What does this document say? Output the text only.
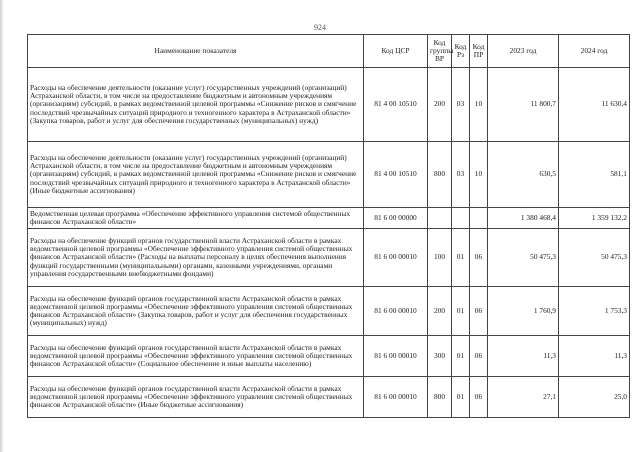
924
Наименование показателя	Код ЦСР	Код группы ВР	Код Рз	Код ПР	2023 год	2024 год
Расходы на обеспечение деятельности (оказание услуг) государственных учреждений (организаций) Астраханской области, в том числе на предоставление бюджетным и автономным учреждениям (организациям) субсидий, в рамках ведомственной целевой программы «Снижение рисков и смягчение последствий чрезвычайных ситуаций природного и техногенного характера в Астраханской области» (Закупка товаров, работ и услуг для обеспечения государственных (муниципальных) нужд)	81 4 00 10510	200	03	10	11 800,7	11 630,4
Расходы на обеспечение деятельности (оказание услуг) государственных учреждений (организаций) Астраханской области, в том числе на предоставление бюджетным и автономным учреждениям (организациям) субсидий, в рамках ведомственной целевой программы «Снижение рисков и смягчение последствий чрезвычайных ситуаций природного и техногенного характера в Астраханской области» (Иные бюджетные ассигнования)	81 4 00 10510	800	03	10	630,5	581,1
Ведомственная целевая программа «Обеспечение эффективного управления системой общественных финансов Астраханской области»	81 6 00 00000				1 380 468,4	1 359 132,2
Расходы на обеспечение функций органов государственной власти Астраханской области в рамках ведомственной целевой программы «Обеспечение эффективного управления системой общественных финансов Астраханской области» (Расходы на выплаты персоналу в целях обеспечения выполнения функций государственными (муниципальными) органами, казенными учреждениями, органами управления государственными внебюджетными фондами)	81 6 00 00010	100	01	06	50 475,3	50 475,3
Расходы на обеспечение функций органов государственной власти Астраханской области в рамках ведомственной целевой программы «Обеспечение эффективного управления системой общественных финансов Астраханской области» (Закупка товаров, работ и услуг для обеспечения государственных (муниципальных) нужд)	81 6 00 00010	200	01	06	1 760,9	1 753,3
Расходы на обеспечение функций органов государственной власти Астраханской области в рамках ведомственной целевой программы «Обеспечение эффективного управления системой общественных финансов Астраханской области» (Социальное обеспечение и иные выплаты населению)	81 6 00 00010	300	01	06	11,3	11,3
Расходы на обеспечение функций органов государственной власти Астраханской области в рамках ведомственной целевой программы «Обеспечение эффективного управления системой общественных финансов Астраханской области» (Иные бюджетные ассигнования)	81 6 00 00010	800	01	06	27,1	25,0
